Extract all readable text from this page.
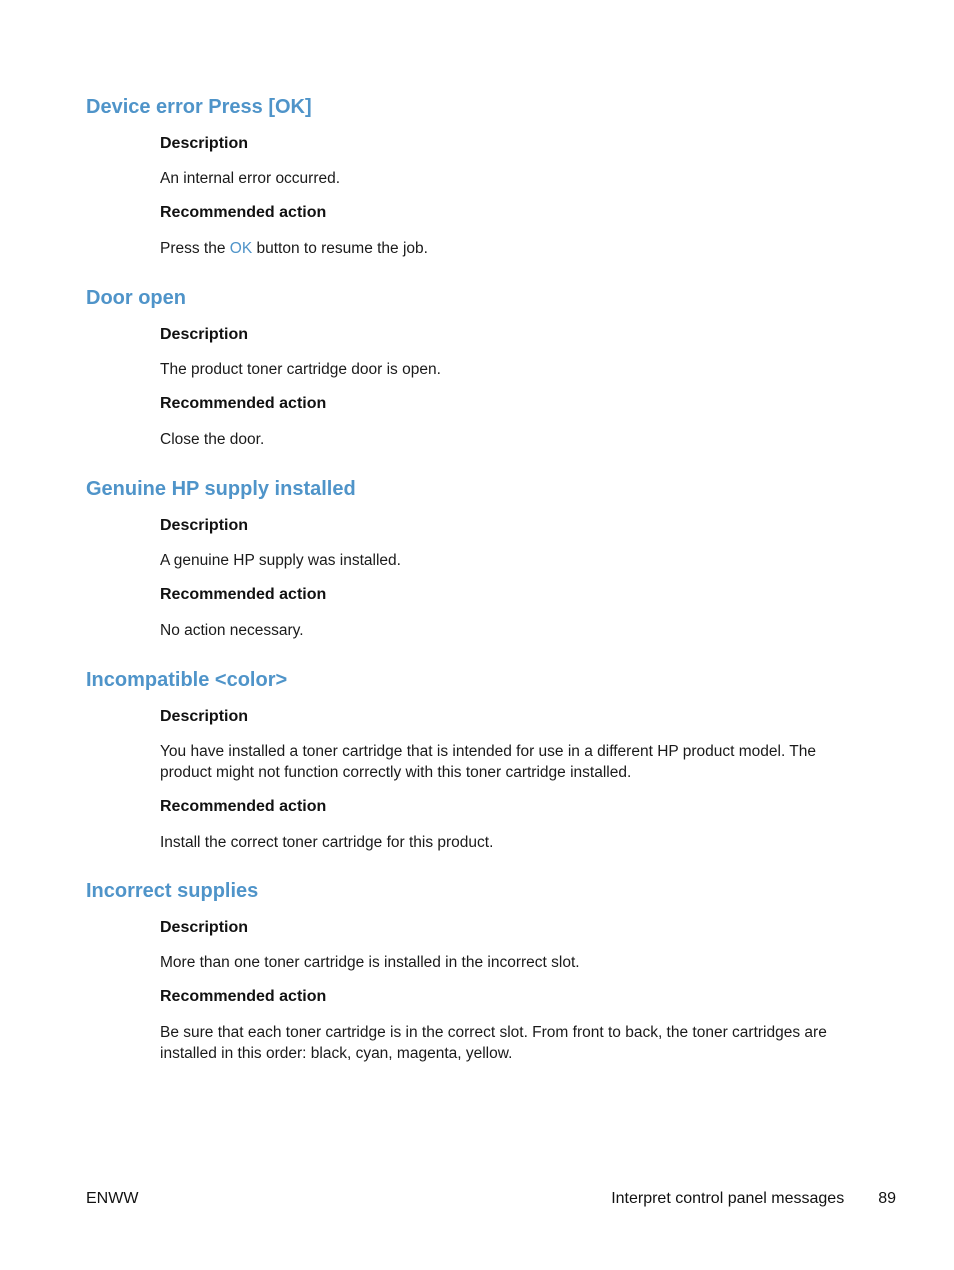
Device error Press [OK]

Description

An internal error occurred.

Recommended action

Press the OK button to resume the job.

Door open

Description

The product toner cartridge door is open.

Recommended action

Close the door.

Genuine HP supply installed

Description

A genuine HP supply was installed.

Recommended action

No action necessary.

Incompatible <color>

Description

You have installed a toner cartridge that is intended for use in a different HP product model. The product might not function correctly with this toner cartridge installed.

Recommended action

Install the correct toner cartridge for this product.

Incorrect supplies

Description

More than one toner cartridge is installed in the incorrect slot.

Recommended action

Be sure that each toner cartridge is in the correct slot. From front to back, the toner cartridges are installed in this order: black, cyan, magenta, yellow.

ENWW	Interpret control panel messages 89
